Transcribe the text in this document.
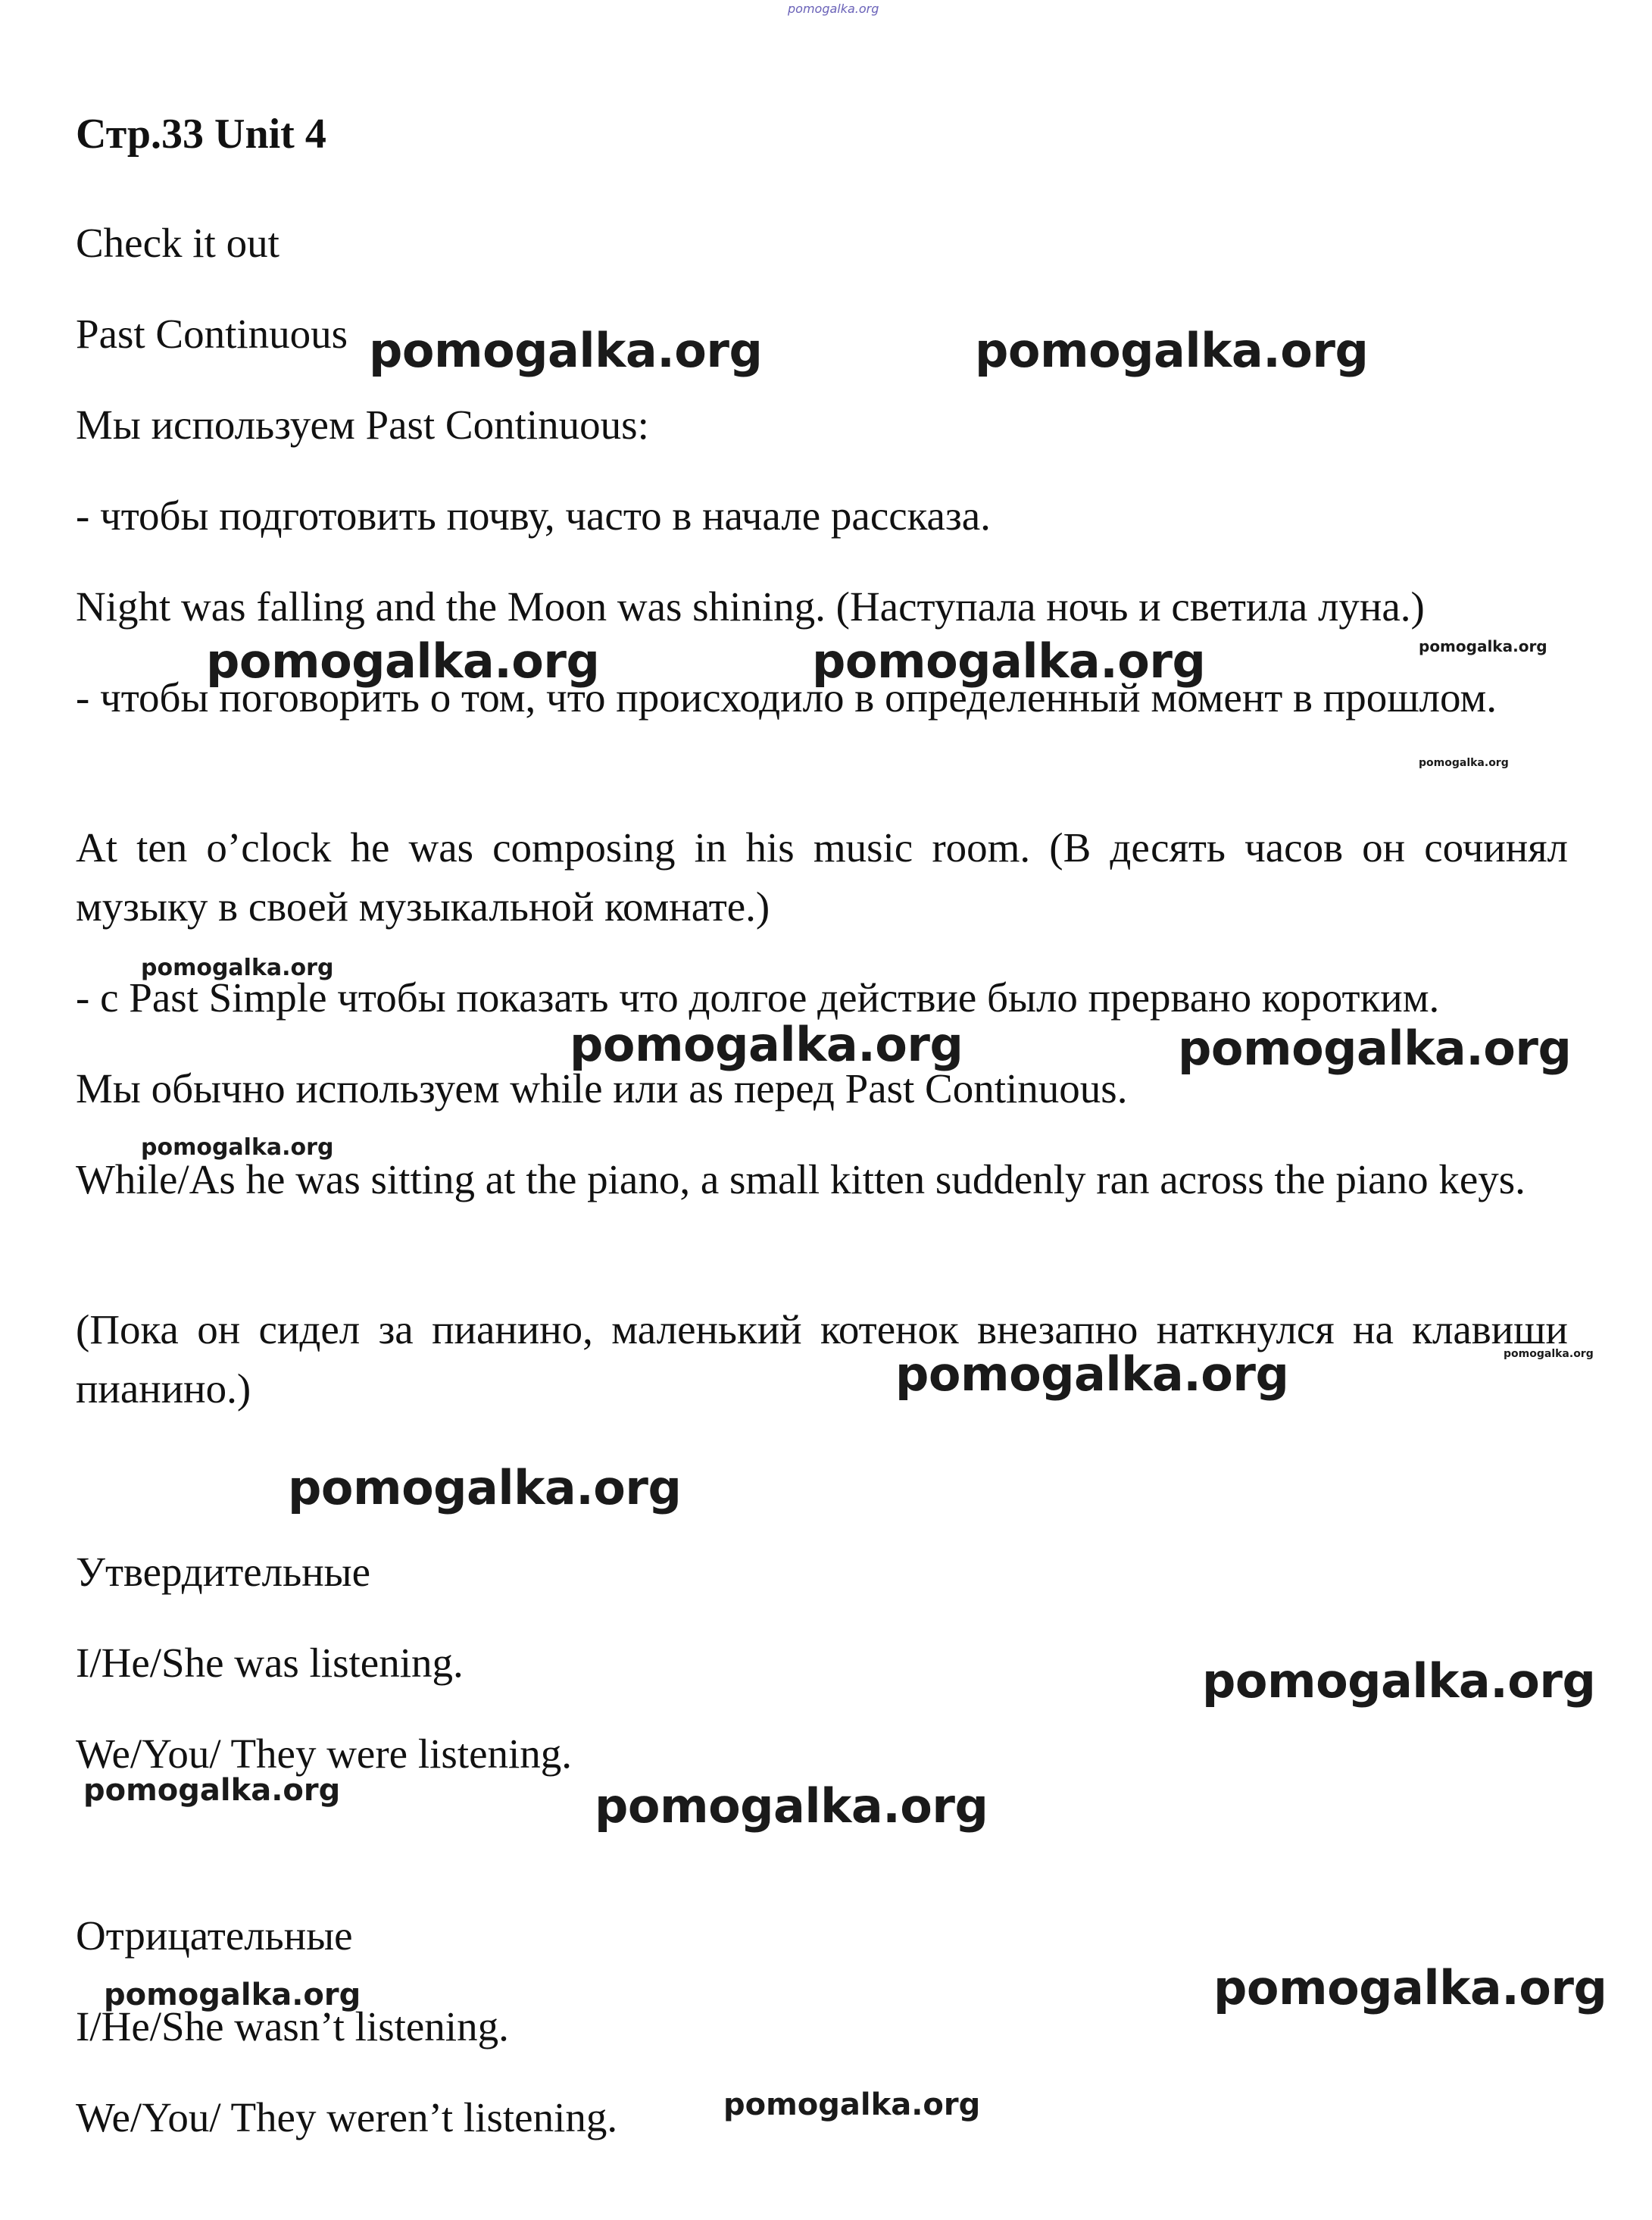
pomogalka.org

Стр.33 Unit 4

Check it out

Past Continuous

Мы используем Past Continuous:

- чтобы подготовить почву, часто в начале рассказа.

Night was falling and the Moon was shining. (Наступала ночь и светила луна.)

- чтобы поговорить о том, что происходило в определенный момент в прошлом.

At ten o’clock he was composing in his music room. (В десять часов он сочинял музыку в своей музыкальной комнате.)

- с Past Simple чтобы показать что долгое действие было прервано коротким.

Мы обычно используем while или as перед Past Continuous.

While/As he was sitting at the piano, a small kitten suddenly ran across the piano keys.

(Пока он сидел за пианино, маленький котенок внезапно наткнулся на клавиши пианино.)

Утвердительные

I/He/She was listening.

We/You/ They were listening.

Отрицательные

I/He/She wasn’t listening.

We/You/ They weren’t listening.

pomogalka.org	pomogalka.org
pomogalka.org	pomogalka.org	pomogalka.org
pomogalka.org
pomogalka.org
pomogalka.org	pomogalka.org
pomogalka.org
pomogalka.org
pomogalka.org
pomogalka.org
pomogalka.org
pomogalka.org	pomogalka.org
pomogalka.org
pomogalka.org
pomogalka.org
